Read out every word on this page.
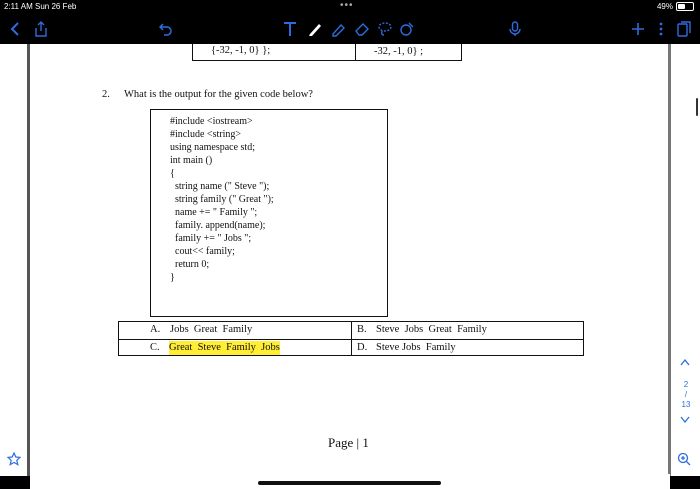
2:11 AM Sun 26 Feb	•••	49%
{-32, -1, 0} };	-32, -1, 0} ;
2. What is the output for the given code below?
#include <iostream>
#include <string>
using namespace std;
int main ()
{
string name (" Steve ");
string family (" Great ");
name += " Family ";
family. append(name);
family += " Jobs ";
cout<< family;
return 0;
}
A. Jobs  Great  Family	B. Steve  Jobs  Great  Family
C. Great  Steve  Family  Jobs	D. Steve Jobs  Family
Page | 1
2
/
13
